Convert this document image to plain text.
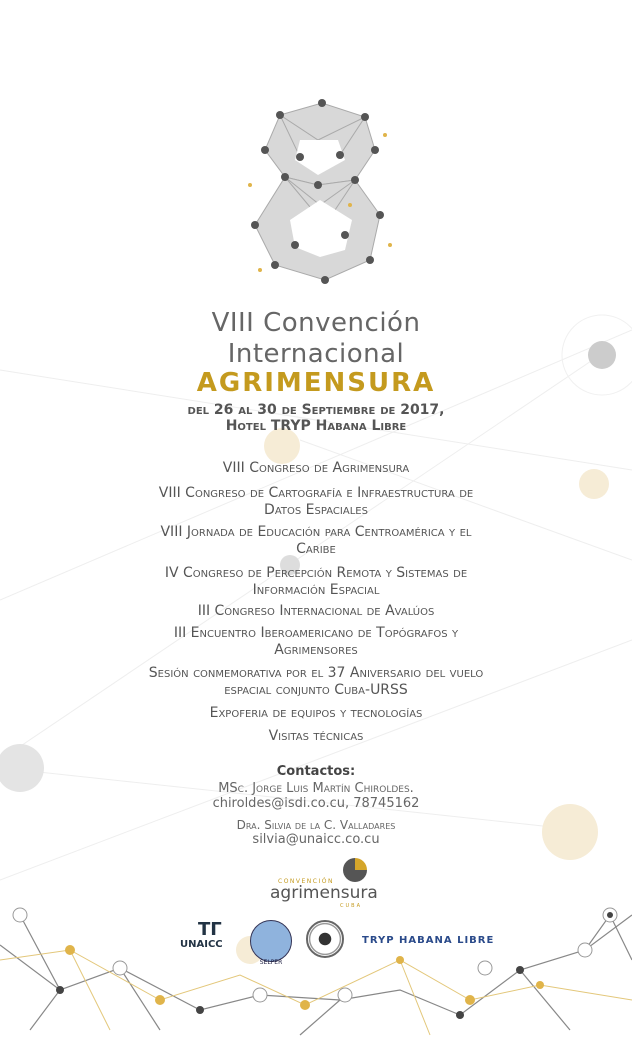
VIII Convención
Internacional
AGRIMENSURA
del 26 al 30 de Septiembre de 2017,
Hotel TRYP Habana Libre
VIII Congreso de Agrimensura
VIII Congreso de Cartografía e Infraestructura de Datos Espaciales
VIII Jornada de Educación para Centroamérica y el Caribe
IV Congreso de Percepción Remota y Sistemas de Información Espacial
III Congreso Internacional de Avalúos
III Encuentro Iberoamericano de Topógrafos y Agrimensores
Sesión conmemorativa por el 37 Aniversario del vuelo espacial conjunto Cuba-URSS
Expoferia de equipos y tecnologías
Visitas técnicas
Contactos:
MSc. Jorge Luis Martín Chiroldes.
chiroldes@isdi.co.cu, 78745162
Dra. Silvia de la C. Valladares
silvia@unaicc.co.cu
CONVENCIÓN
agrimensura
CUBA
ΤΓ
UNAICC
$_{SELPER}$
TRYP HABANA LIBRE
